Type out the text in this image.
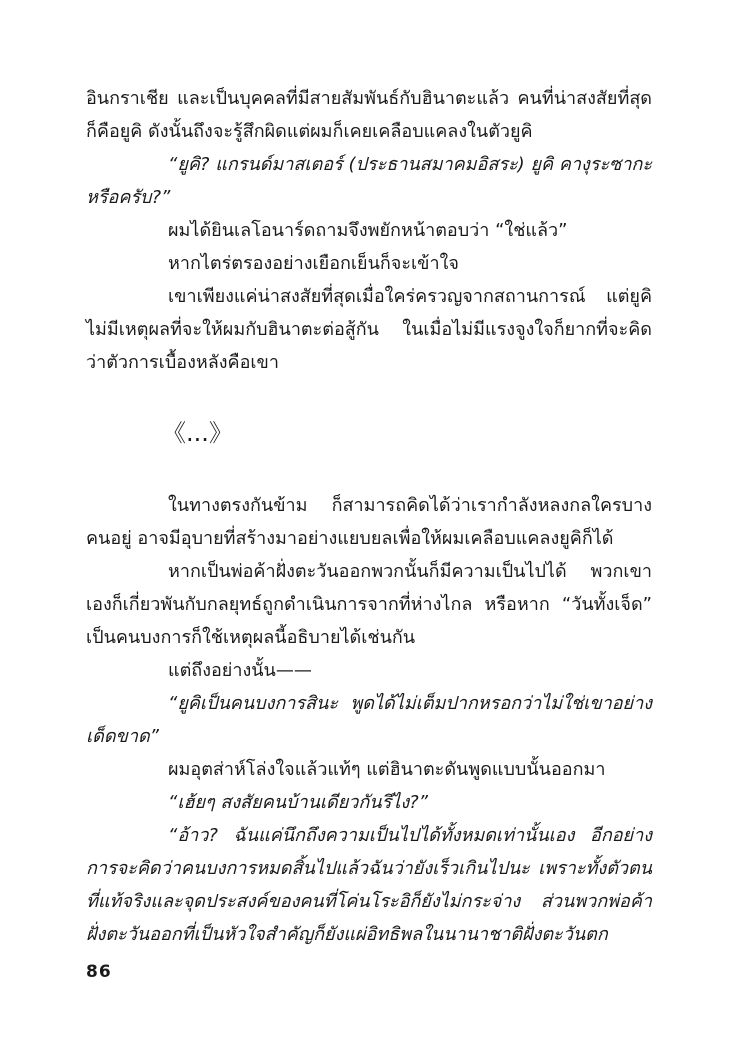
อินกราเชีย และเป็นบุคคลที่มีสายสัมพันธ์กับฮินาตะแล้ว คนที่น่าสงสัยที่สุดก็คือยูคิ ดังนั้นถึงจะรู้สึกผิดแต่ผมก็เคยเคลือบแคลงในตัวยูคิ

“ยูคิ? แกรนด์มาสเตอร์ (ประธานสมาคมอิสระ) ยูคิ คางุระซากะหรือครับ?”

ผมได้ยินเลโอนาร์ดถามจึงพยักหน้าตอบว่า “ใช่แล้ว”

หากไตร่ตรองอย่างเยือกเย็นก็จะเข้าใจ

เขาเพียงแค่น่าสงสัยที่สุดเมื่อใคร่ครวญจากสถานการณ์ แต่ยูคิไม่มีเหตุผลที่จะให้ผมกับฮินาตะต่อสู้กัน ในเมื่อไม่มีแรงจูงใจก็ยากที่จะคิดว่าตัวการเบื้องหลังคือเขา

《...》

ในทางตรงกันข้าม ก็สามารถคิดได้ว่าเรากำลังหลงกลใครบางคนอยู่ อาจมีอุบายที่สร้างมาอย่างแยบยลเพื่อให้ผมเคลือบแคลงยูคิก็ได้

หากเป็นพ่อค้าฝั่งตะวันออกพวกนั้นก็มีความเป็นไปได้ พวกเขาเองก็เกี่ยวพันกับกลยุทธ์ถูกดำเนินการจากที่ห่างไกล หรือหาก “วันทั้งเจ็ด” เป็นคนบงการก็ใช้เหตุผลนี้อธิบายได้เช่นกัน

แต่ถึงอย่างนั้น——

“ยูคิเป็นคนบงการสินะ พูดได้ไม่เต็มปากหรอกว่าไม่ใช่เขาอย่างเด็ดขาด”

ผมอุตส่าห์โล่งใจแล้วแท้ๆ แต่ฮินาตะดันพูดแบบนั้นออกมา

“เฮ้ยๆ สงสัยคนบ้านเดียวกันรึไง?”

“อ้าว? ฉันแค่นึกถึงความเป็นไปได้ทั้งหมดเท่านั้นเอง อีกอย่างการจะคิดว่าคนบงการหมดสิ้นไปแล้วฉันว่ายังเร็วเกินไปนะ เพราะทั้งตัวตนที่แท้จริงและจุดประสงค์ของคนที่โค่นโระอิก็ยังไม่กระจ่าง ส่วนพวกพ่อค้าฝั่งตะวันออกที่เป็นหัวใจสำคัญก็ยังแผ่อิทธิพลในนานาชาติฝั่งตะวันตก

86
